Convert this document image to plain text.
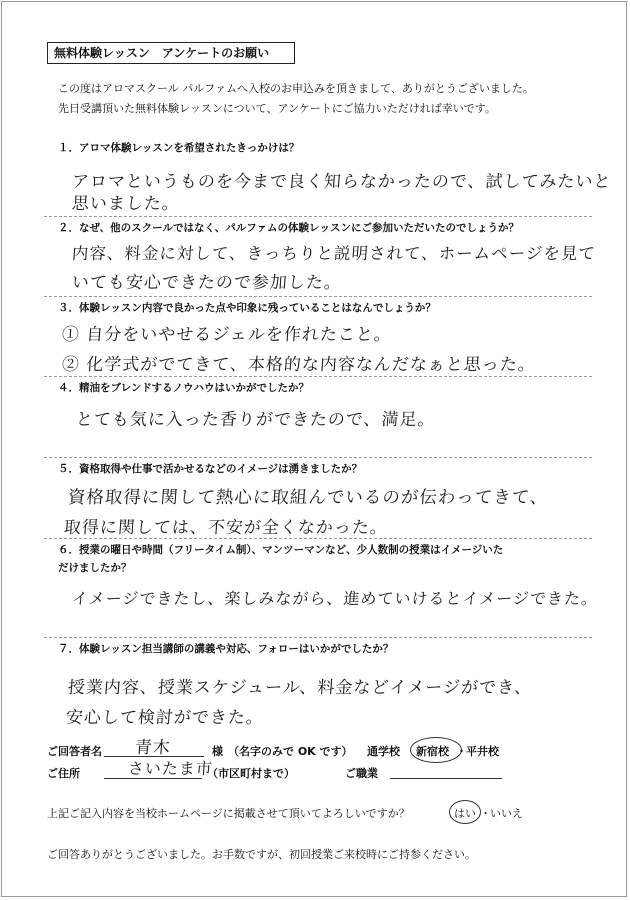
無料体験レッスン　アンケートのお願い
この度はアロマスクール パルファムへ入校のお申込みを頂きまして、ありがとうございました。
先日受講頂いた無料体験レッスンについて、アンケートにご協力いただければ幸いです。
１．アロマ体験レッスンを希望されたきっかけは？
アロマというものを今まで良く知らなかったので、試してみたいと
思いました。
２．なぜ、他のスクールではなく、パルファムの体験レッスンにご参加いただいたのでしょうか？
内容、料金に対して、きっちりと説明されて、ホームページを見て
いても安心できたので参加した。
３．体験レッスン内容で良かった点や印象に残っていることはなんでしょうか？
① 自分をいやせるジェルを作れたこと。
② 化学式がでてきて、本格的な内容なんだなぁと思った。
４．精油をブレンドするノウハウはいかがでしたか？
とても気に入った香りができたので、満足。
５．資格取得や仕事で活かせるなどのイメージは湧きましたか？
資格取得に関して熱心に取組んでいるのが伝わってきて、
取得に関しては、不安が全くなかった。
６．授業の曜日や時間（フリータイム制）、マンツーマンなど、少人数制の授業はイメージいた
だけましたか？
イメージできたし、楽しみながら、進めていけるとイメージできた。
７．体験レッスン担当講師の講義や対応、フォローはいかがでしたか？
授業内容、授業スケジュール、料金などイメージができ、
安心して検討ができた。
ご回答者名 青木	様 （名字のみで OK です） 通学校 新宿校 ・ 平井校
ご住所	さいたま市
（市区町村まで）	ご職業
上記ご記入内容を当校ホームページに掲載させて頂いてよろしいですか？	はい ・ いいえ
ご回答ありがとうございました。お手数ですが、初回授業ご来校時にご持参ください。
